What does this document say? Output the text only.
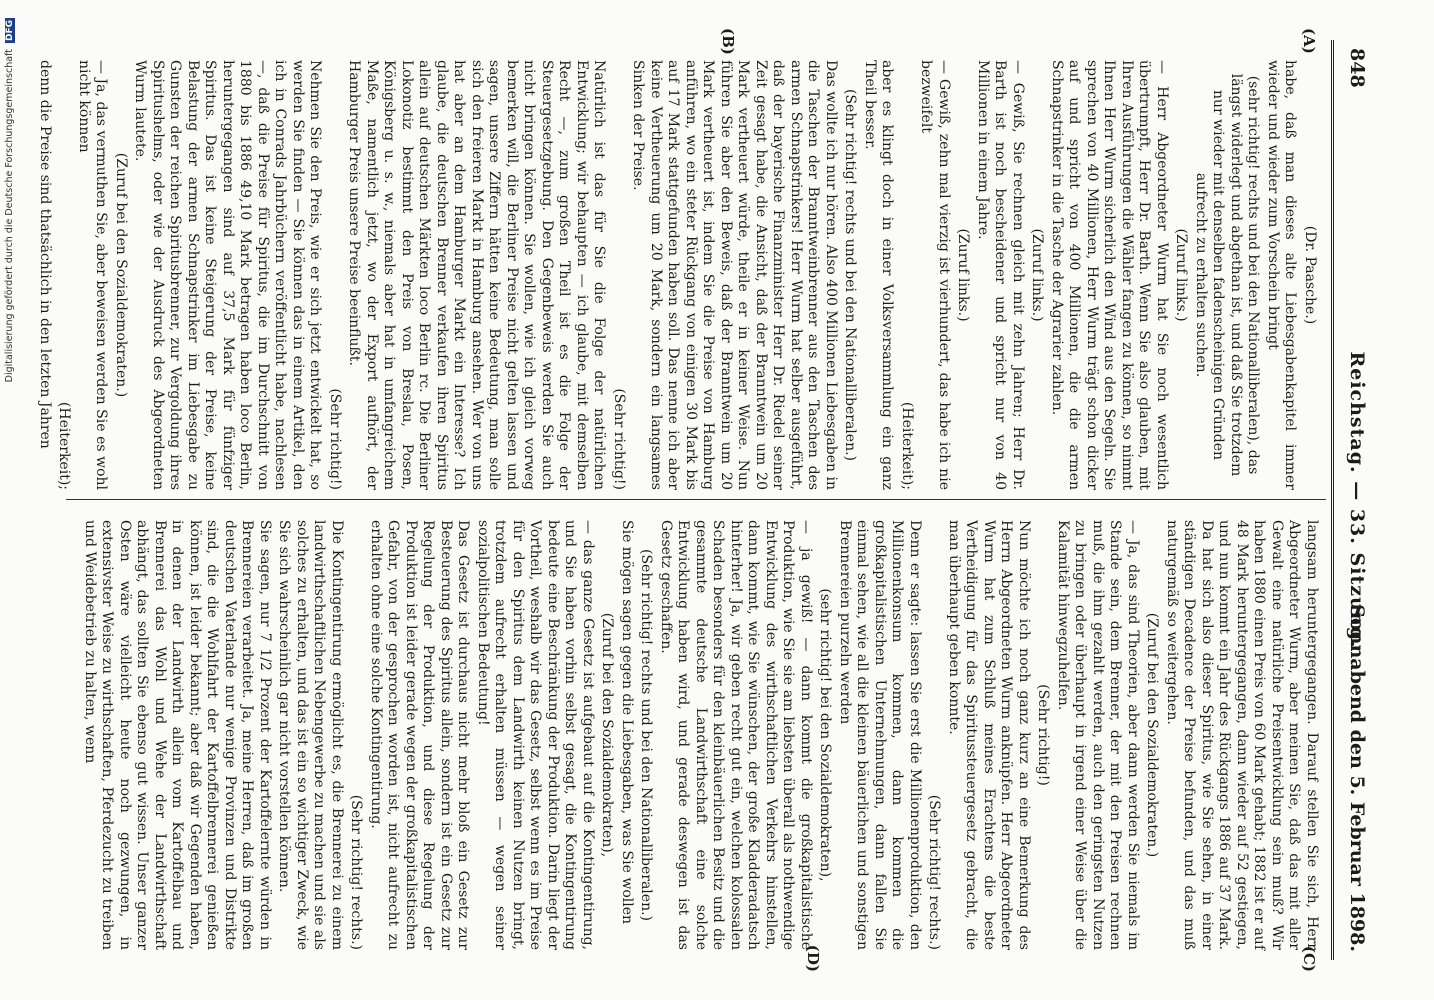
848
Reichstag. — 33. Sitzung.
Sonnabend den 5. Februar 1898.
(A)
(B)
(C)
(D)

(Dr. Paasche.)

habe, daß man dieses alte Liebesgabenkapitel immer wieder und wieder zum Vorschein bringt

(sehr richtig! rechts und bei den Nationalliberalen), das längst widerlegt und abgethan ist, und daß Sie trotzdem nur wieder mit denselben fadenscheinigen Gründen aufrecht zu erhalten suchen.

(Zuruf links.)

— Herr Abgeordneter Wurm hat Sie noch wesentlich übertrumpft, Herr Dr. Barth. Wenn Sie also glauben, mit Ihren Ausführungen die Wähler fangen zu können, so nimmt Ihnen Herr Wurm sicherlich den Wind aus den Segeln. Sie sprechen von 40 Millionen, Herr Wurm trägt schon dicker auf und spricht von 400 Millionen, die die armen Schnapstrinker in die Tasche der Agrarier zahlen.

(Zuruf links.)

— Gewiß, Sie rechnen gleich mit zehn Jahren; Herr Dr. Barth ist noch bescheidener und spricht nur von 40 Millionen in einem Jahre.

(Zuruf links.)

— Gewiß, zehn mal vierzig ist vierhundert, das habe ich nie bezweifelt

(Heiterkeit);

aber es klingt doch in einer Volksversammlung ein ganz Theil besser.

(Sehr richtig! rechts und bei den Nationalliberalen.)

Das wollte ich nur hören. Also 400 Millionen Liebesgaben in die Taschen der Branntweinbrenner aus den Taschen des armen Schnapstrinkers! Herr Wurm hat selber ausgeführt, daß der bayerische Finanzminister Herr Dr. Riedel seiner Zeit gesagt habe, die Ansicht, daß der Branntwein um 20 Mark vertheuert würde, theile er in keiner Weise. Nun führen Sie aber den Beweis, daß der Branntwein um 20 Mark vertheuert ist, indem Sie die Preise von Hamburg anführen, wo ein steter Rückgang von einigen 30 Mark bis auf 17 Mark stattgefunden haben soll. Das nenne ich aber keine Vertheuerung um 20 Mark, sondern ein langsames Sinken der Preise.

(Sehr richtig!)

Natürlich ist das für Sie die Folge der natürlichen Entwicklung; wir behaupten — ich glaube, mit demselben Recht —, zum großen Theil ist es die Folge der Steuergesetzgebung. Den Gegenbeweis werden Sie auch nicht bringen können. Sie wollen, wie ich gleich vorweg bemerken will, die Berliner Preise nicht gelten lassen und sagen, unsere Ziffern hätten keine Bedeutung, man solle sich den freieren Markt in Hamburg ansehen. Wer von uns hat aber an dem Hamburger Markt ein Interesse? Ich glaube, die deutschen Brenner verkaufen ihren Spiritus allein auf deutschen Märkten loco Berlin rc. Die Berliner Lokonotiz bestimmt den Preis von Breslau, Posen, Königsberg u. s. w., niemals aber hat in umfangreichem Maße, namentlich jetzt, wo der Export aufhört, der Hamburger Preis unsere Preise beeinflußt.

(Sehr richtig!)

Nehmen Sie den Preis, wie er sich jetzt entwickelt hat, so werden Sie finden — Sie können das in einem Artikel, den ich in Conrads Jahrbüchern veröffentlicht habe, nachlesen —, daß die Preise für Spiritus, die im Durchschnitt von 1880 bis 1886 49,10 Mark betragen haben loco Berlin, heruntergegangen sind auf 37,5 Mark für fünfziger Spiritus. Das ist keine Steigerung der Preise, keine Belastung der armen Schnapstrinker im Liebesgabe zu Gunsten der reichen Spiritusbrenner, zur Vergoldung ihres Spiritushelms, oder wie der Ausdruck des Abgeordneten Wurm lautete.

(Zuruf bei den Sozialdemokraten.)

— Ja, das vermuthen Sie, aber beweisen werden Sie es wohl nicht können

(Heiterkeit);

denn die Preise sind thatsächlich in den letzten Jahren

langsam heruntergegangen. Darauf stellen Sie sich, Herr Abgeordneter Wurm, aber meinen Sie, daß das mit aller Gewalt eine natürliche Preisentwicklung sein muß? Wir haben 1880 einen Preis von 60 Mark gehabt; 1882 ist er auf 48 Mark heruntergegangen, dann wieder auf 52 gestiegen, und nun kommt ein Jahr des Rückgangs 1886 auf 37 Mark. Da hat sich also dieser Spiritus, wie Sie sehen, in einer ständigen Decadence der Preise befunden, und das muß naturgemäß so weitergehen.

(Zuruf bei den Sozialdemokraten.)

— Ja, das sind Theorien, aber dann werden Sie niemals im Stande sein, dem Brenner, der mit den Preisen rechnen muß, die ihm gezahlt werden, auch den geringsten Nutzen zu bringen oder überhaupt in irgend einer Weise über die Kalamität hinwegzuhelfen.

(Sehr richtig!)

Nun möchte ich noch ganz kurz an eine Bemerkung des Herrn Abgeordneten Wurm anknüpfen. Herr Abgeordneter Wurm hat zum Schluß meines Erachtens die beste Vertheidigung für das Spiritussteuergesetz gebracht, die man überhaupt geben konnte.

(Sehr richtig! rechts.)

Denn er sagte: lassen Sie erst die Millionenproduktion, den Millionenkonsum kommen, dann kommen die großkapitalistischen Unternehmungen, dann fallen Sie einmal sehen, wie all die kleinen bäuerlichen und sonstigen Brennereien purzeln werden

(sehr richtig! bei den Sozialdemokraten),

— ja gewiß! — dann kommt die großkapitalistische Produktion, wie Sie sie am liebsten überall als nothwendige Entwicklung des wirthschaftlichen Verkehrs hinstellen, dann kommt, wie Sie wünschen, der große Kladderadatsch hinterher! Ja, wir geben recht gut ein, welchen kolossalen Schaden besonders für den kleinbäuerlichen Besitz und die gesammte deutsche Landwirthschaft eine solche Entwicklung haben wird, und gerade deswegen ist das Gesetz geschaffen.

(Sehr richtig! rechts und bei den Nationalliberalen.)

Sie mögen sagen gegen die Liebesgaben, was Sie wollen

(Zuruf bei den Sozialdemokraten),

— das ganze Gesetz ist aufgebaut auf die Kontingentirung, und Sie haben vorhin selbst gesagt, die Kontingentirung bedeute eine Beschränkung der Produktion. Darin liegt der Vortheil, weshalb wir das Gesetz, selbst wenn es im Preise für den Spiritus dem Landwirth keinen Nutzen bringt, trotzdem aufrecht erhalten müssen — wegen seiner sozialpolitischen Bedeutung!

Das Gesetz ist durchaus nicht mehr bloß ein Gesetz zur Besteuerung des Spiritus allein, sondern ist ein Gesetz zur Regelung der Produktion, und diese Regelung der Produktion ist leider gerade wegen der großkapitalistischen Gefahr, von der gesprochen worden ist, nicht aufrecht zu erhalten ohne eine solche Kontingentirung.

(Sehr richtig! rechts.)

Die Kontingentirung ermöglicht es, die Brennerei zu einem landwirthschaftlichen Nebengewerbe zu machen und sie als solches zu erhalten, und das ist ein so wichtiger Zweck, wie Sie sich wahrscheinlich gar nicht vorstellen können.

Sie sagen, nur 7 1/2 Prozent der Kartoffelernte würden in Brennereien verarbeitet. Ja, meine Herren, daß im großen deutschen Vaterlande nur wenige Provinzen und Distrikte sind, die die Wohlfahrt der Kartoffelbrennerei genießen können, ist leider bekannt; aber daß wir Gegenden haben, in denen der Landwirth allein vom Kartoffelbau und Brennerei das Wohl und Wehe der Landwirthschaft abhängt, das sollten Sie ebenso gut wissen. Unser ganzer Osten wäre vielleicht heute noch gezwungen, in extensivster Weise zu wirthschaften, Pferdezucht zu treiben und Weidebetrieb zu halten, wenn

Digitalisierung gefördert durch die Deutsche Forschungsgemeinschaft DFG
